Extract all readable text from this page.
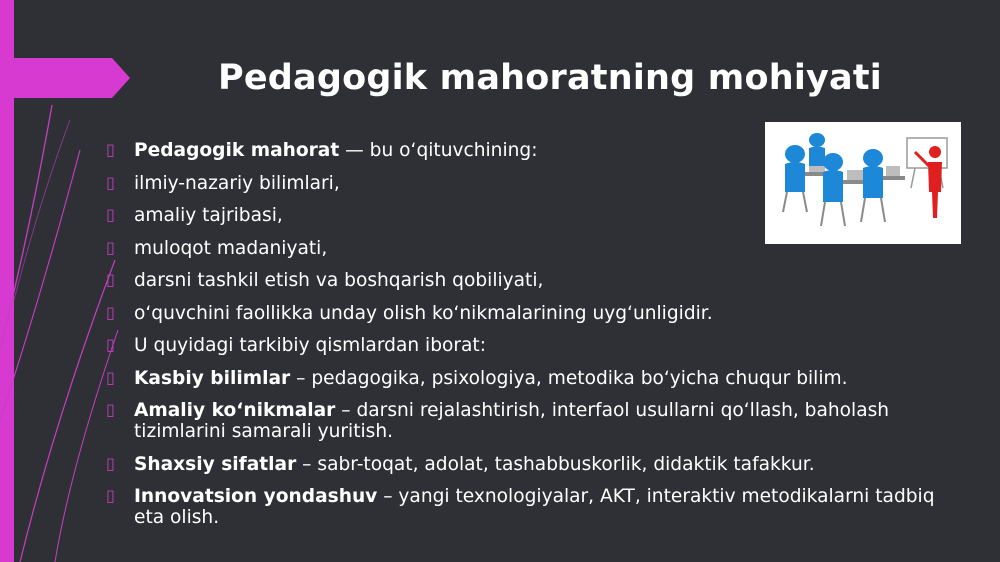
Pedagogik mahoratning mohiyati
▯ Pedagogik mahorat — bu o‘qituvchining:
▯ ilmiy-nazariy bilimlari,
▯ amaliy tajribasi,
▯ muloqot madaniyati,
▯ darsni tashkil etish va boshqarish qobiliyati,
▯ o‘quvchini faollikka unday olish ko‘nikmalarining uyg‘unligidir.
▯ U quyidagi tarkibiy qismlardan iborat:
▯ Kasbiy bilimlar – pedagogika, psixologiya, metodika bo‘yicha chuqur bilim.
▯ Amaliy ko‘nikmalar – darsni rejalashtirish, interfaol usullarni qo‘llash, baholash tizimlarini samarali yuritish.
▯ Shaxsiy sifatlar – sabr-toqat, adolat, tashabbuskorlik, didaktik tafakkur.
▯ Innovatsion yondashuv – yangi texnologiyalar, AKT, interaktiv metodikalarni tadbiq eta olish.
